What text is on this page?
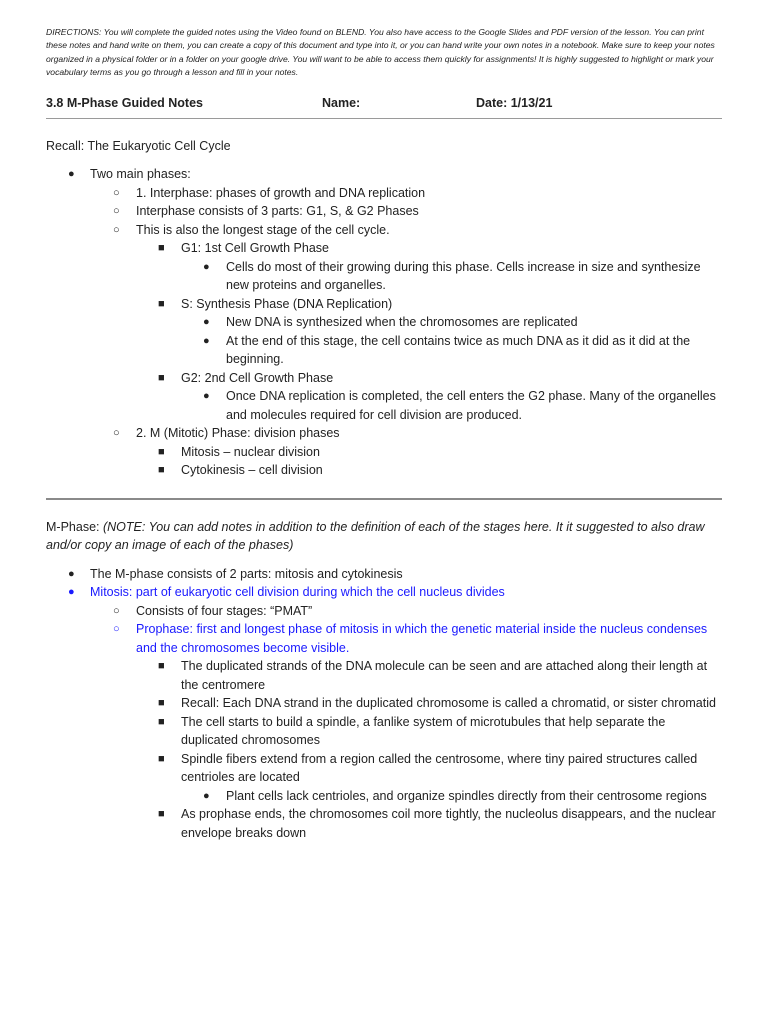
DIRECTIONS: You will complete the guided notes using the Video found on BLEND. You also have access to the Google Slides and PDF version of the lesson. You can print these notes and hand write on them, you can create a copy of this document and type into it, or you can hand write your own notes in a notebook. Make sure to keep your notes organized in a physical folder or in a folder on your google drive. You will want to be able to access them quickly for assignments! It is highly suggested to highlight or mark your vocabulary terms as you go through a lesson and fill in your notes.

3.8 M-Phase Guided Notes	Name:	Date: 1/13/21
Recall: The Eukaryotic Cell Cycle
● Two main phases:
○ 1. Interphase: phases of growth and DNA replication
○ Interphase consists of 3 parts: G1, S, & G2 Phases
○ This is also the longest stage of the cell cycle.
■ G1: 1st Cell Growth Phase
● Cells do most of their growing during this phase. Cells increase in size and synthesize new proteins and organelles.
■ S: Synthesis Phase (DNA Replication)
● New DNA is synthesized when the chromosomes are replicated
● At the end of this stage, the cell contains twice as much DNA as it did as it did at the beginning.
■ G2: 2nd Cell Growth Phase
● Once DNA replication is completed, the cell enters the G2 phase. Many of the organelles and molecules required for cell division are produced.
○ 2. M (Mitotic) Phase: division phases
■ Mitosis – nuclear division
■ Cytokinesis – cell division
M-Phase: (NOTE: You can add notes in addition to the definition of each of the stages here. It it suggested to also draw and/or copy an image of each of the phases)
● The M-phase consists of 2 parts: mitosis and cytokinesis
● Mitosis: part of eukaryotic cell division during which the cell nucleus divides
○ Consists of four stages: “PMAT”
○ Prophase: first and longest phase of mitosis in which the genetic material inside the nucleus condenses and the chromosomes become visible.
■ The duplicated strands of the DNA molecule can be seen and are attached along their length at the centromere
■ Recall: Each DNA strand in the duplicated chromosome is called a chromatid, or sister chromatid
■ The cell starts to build a spindle, a fanlike system of microtubules that help separate the duplicated chromosomes
■ Spindle fibers extend from a region called the centrosome, where tiny paired structures called centrioles are located
● Plant cells lack centrioles, and organize spindles directly from their centrosome regions
■ As prophase ends, the chromosomes coil more tightly, the nucleolus disappears, and the nuclear envelope breaks down
